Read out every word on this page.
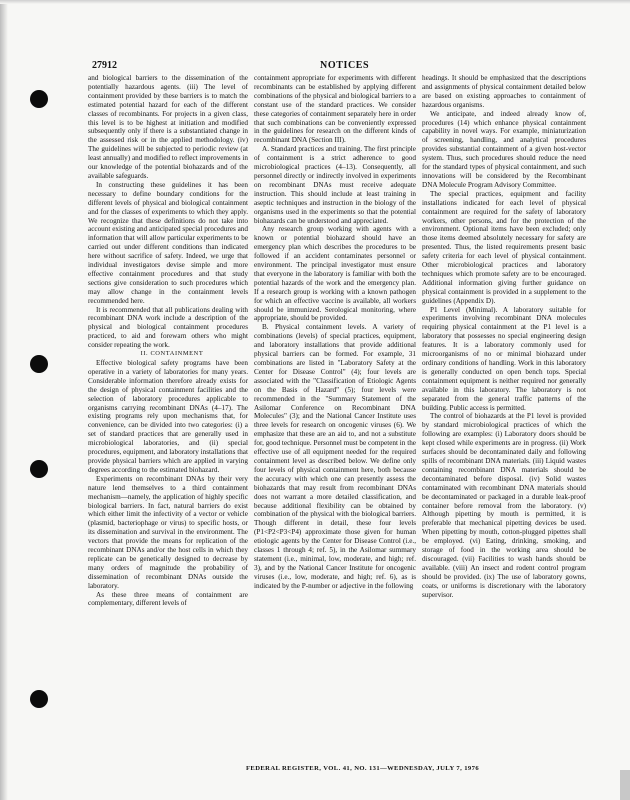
27912	NOTICES

and biological barriers to the dissemination of the potentially hazardous agents. (iii) The level of containment provided by these barriers is to match the estimated potential hazard for each of the different classes of recombinants. For projects in a given class, this level is to be highest at initiation and modified subsequently only if there is a substantiated change in the assessed risk or in the applied methodology. (iv) The guidelines will be subjected to periodic review (at least annually) and modified to reflect improvements in our knowledge of the potential biohazards and of the available safeguards.

In constructing these guidelines it has been necessary to define boundary conditions for the different levels of physical and biological containment and for the classes of experiments to which they apply. We recognize that these definitions do not take into account existing and anticipated special procedures and information that will allow particular experiments to be carried out under different conditions than indicated here without sacrifice of safety. Indeed, we urge that individual investigators devise simple and more effective containment procedures and that study sections give consideration to such procedures which may allow change in the containment levels recommended here.

It is recommended that all publications dealing with recombinant DNA work include a description of the physical and biological containment procedures practiced, to aid and forewarn others who might consider repeating the work.

II. CONTAINMENT

Effective biological safety programs have been operative in a variety of laboratories for many years. Considerable information therefore already exists for the design of physical containment facilities and the selection of laboratory procedures applicable to organisms carrying recombinant DNAs (4–17). The existing programs rely upon mechanisms that, for convenience, can be divided into two categories: (i) a set of standard practices that are generally used in microbiological laboratories, and (ii) special procedures, equipment, and laboratory installations that provide physical barriers which are applied in varying degrees according to the estimated biohazard.

Experiments on recombinant DNAs by their very nature lend themselves to a third containment mechanism—namely, the application of highly specific biological barriers. In fact, natural barriers do exist which either limit the infectivity of a vector or vehicle (plasmid, bacteriophage or virus) to specific hosts, or its dissemination and survival in the environment. The vectors that provide the means for replication of the recombinant DNAs and/or the host cells in which they replicate can be genetically designed to decrease by many orders of magnitude the probability of dissemination of recombinant DNAs outside the laboratory.

As these three means of containment are complementary, different levels of

containment appropriate for experiments with different recombinants can be established by applying different combinations of the physical and biological barriers to a constant use of the standard practices. We consider these categories of containment separately here in order that such combinations can be conveniently expressed in the guidelines for research on the different kinds of recombinant DNA (Section III).

A. Standard practices and training. The first principle of containment is a strict adherence to good microbiological practices (4–13). Consequently, all personnel directly or indirectly involved in experiments on recombinant DNAs must receive adequate instruction. This should include at least training in aseptic techniques and instruction in the biology of the organisms used in the experiments so that the potential biohazards can be understood and appreciated.

Any research group working with agents with a known or potential biohazard should have an emergency plan which describes the procedures to be followed if an accident contaminates personnel or environment. The principal investigator must ensure that everyone in the laboratory is familiar with both the potential hazards of the work and the emergency plan. If a research group is working with a known pathogen for which an effective vaccine is available, all workers should be immunized. Serological monitoring, where appropriate, should be provided.

B. Physical containment levels. A variety of combinations (levels) of special practices, equipment, and laboratory installations that provide additional physical barriers can be formed. For example, 31 combinations are listed in "Laboratory Safety at the Center for Disease Control" (4); four levels are associated with the "Classification of Etiologic Agents on the Basis of Hazard" (5); four levels were recommended in the "Summary Statement of the Asilomar Conference on Recombinant DNA Molecules" (3); and the National Cancer Institute uses three levels for research on oncogenic viruses (6). We emphasize that these are an aid to, and not a substitute for, good technique. Personnel must be competent in the effective use of all equipment needed for the required containment level as described below. We define only four levels of physical containment here, both because the accuracy with which one can presently assess the biohazards that may result from recombinant DNAs does not warrant a more detailed classification, and because additional flexibility can be obtained by combination of the physical with the biological barriers. Though different in detail, these four levels (P1<P2<P3<P4) approximate those given for human etiologic agents by the Center for Disease Control (i.e., classes 1 through 4; ref. 5), in the Asilomar summary statement (i.e., minimal, low, moderate, and high; ref. 3), and by the National Cancer Institute for oncogenic viruses (i.e., low, moderate, and high; ref. 6), as is indicated by the P-number or adjective in the following

headings. It should be emphasized that the descriptions and assignments of physical containment detailed below are based on existing approaches to containment of hazardous organisms.

We anticipate, and indeed already know of, procedures (14) which enhance physical containment capability in novel ways. For example, miniaturization of screening, handling, and analytical procedures provides substantial containment of a given host-vector system. Thus, such procedures should reduce the need for the standard types of physical containment, and such innovations will be considered by the Recombinant DNA Molecule Program Advisory Committee.

The special practices, equipment and facility installations indicated for each level of physical containment are required for the safety of laboratory workers, other persons, and for the protection of the environment. Optional items have been excluded; only those items deemed absolutely necessary for safety are presented. Thus, the listed requirements present basic safety criteria for each level of physical containment. Other microbiological practices and laboratory techniques which promote safety are to be encouraged. Additional information giving further guidance on physical containment is provided in a supplement to the guidelines (Appendix D).

P1 Level (Minimal). A laboratory suitable for experiments involving recombinant DNA molecules requiring physical containment at the P1 level is a laboratory that possesses no special engineering design features. It is a laboratory commonly used for microorganisms of no or minimal biohazard under ordinary conditions of handling. Work in this laboratory is generally conducted on open bench tops. Special containment equipment is neither required nor generally available in this laboratory. The laboratory is not separated from the general traffic patterns of the building. Public access is permitted.

The control of biohazards at the P1 level is provided by standard microbiological practices of which the following are examples: (i) Laboratory doors should be kept closed while experiments are in progress. (ii) Work surfaces should be decontaminated daily and following spills of recombinant DNA materials. (iii) Liquid wastes containing recombinant DNA materials should be decontaminated before disposal. (iv) Solid wastes contaminated with recombinant DNA materials should be decontaminated or packaged in a durable leak-proof container before removal from the laboratory. (v) Although pipetting by mouth is permitted, it is preferable that mechanical pipetting devices be used. When pipetting by mouth, cotton-plugged pipettes shall be employed. (vi) Eating, drinking, smoking, and storage of food in the working area should be discouraged. (vii) Facilities to wash hands should be available. (viii) An insect and rodent control program should be provided. (ix) The use of laboratory gowns, coats, or uniforms is discretionary with the laboratory supervisor.

FEDERAL REGISTER, VOL. 41, NO. 131—WEDNESDAY, JULY 7, 1976
